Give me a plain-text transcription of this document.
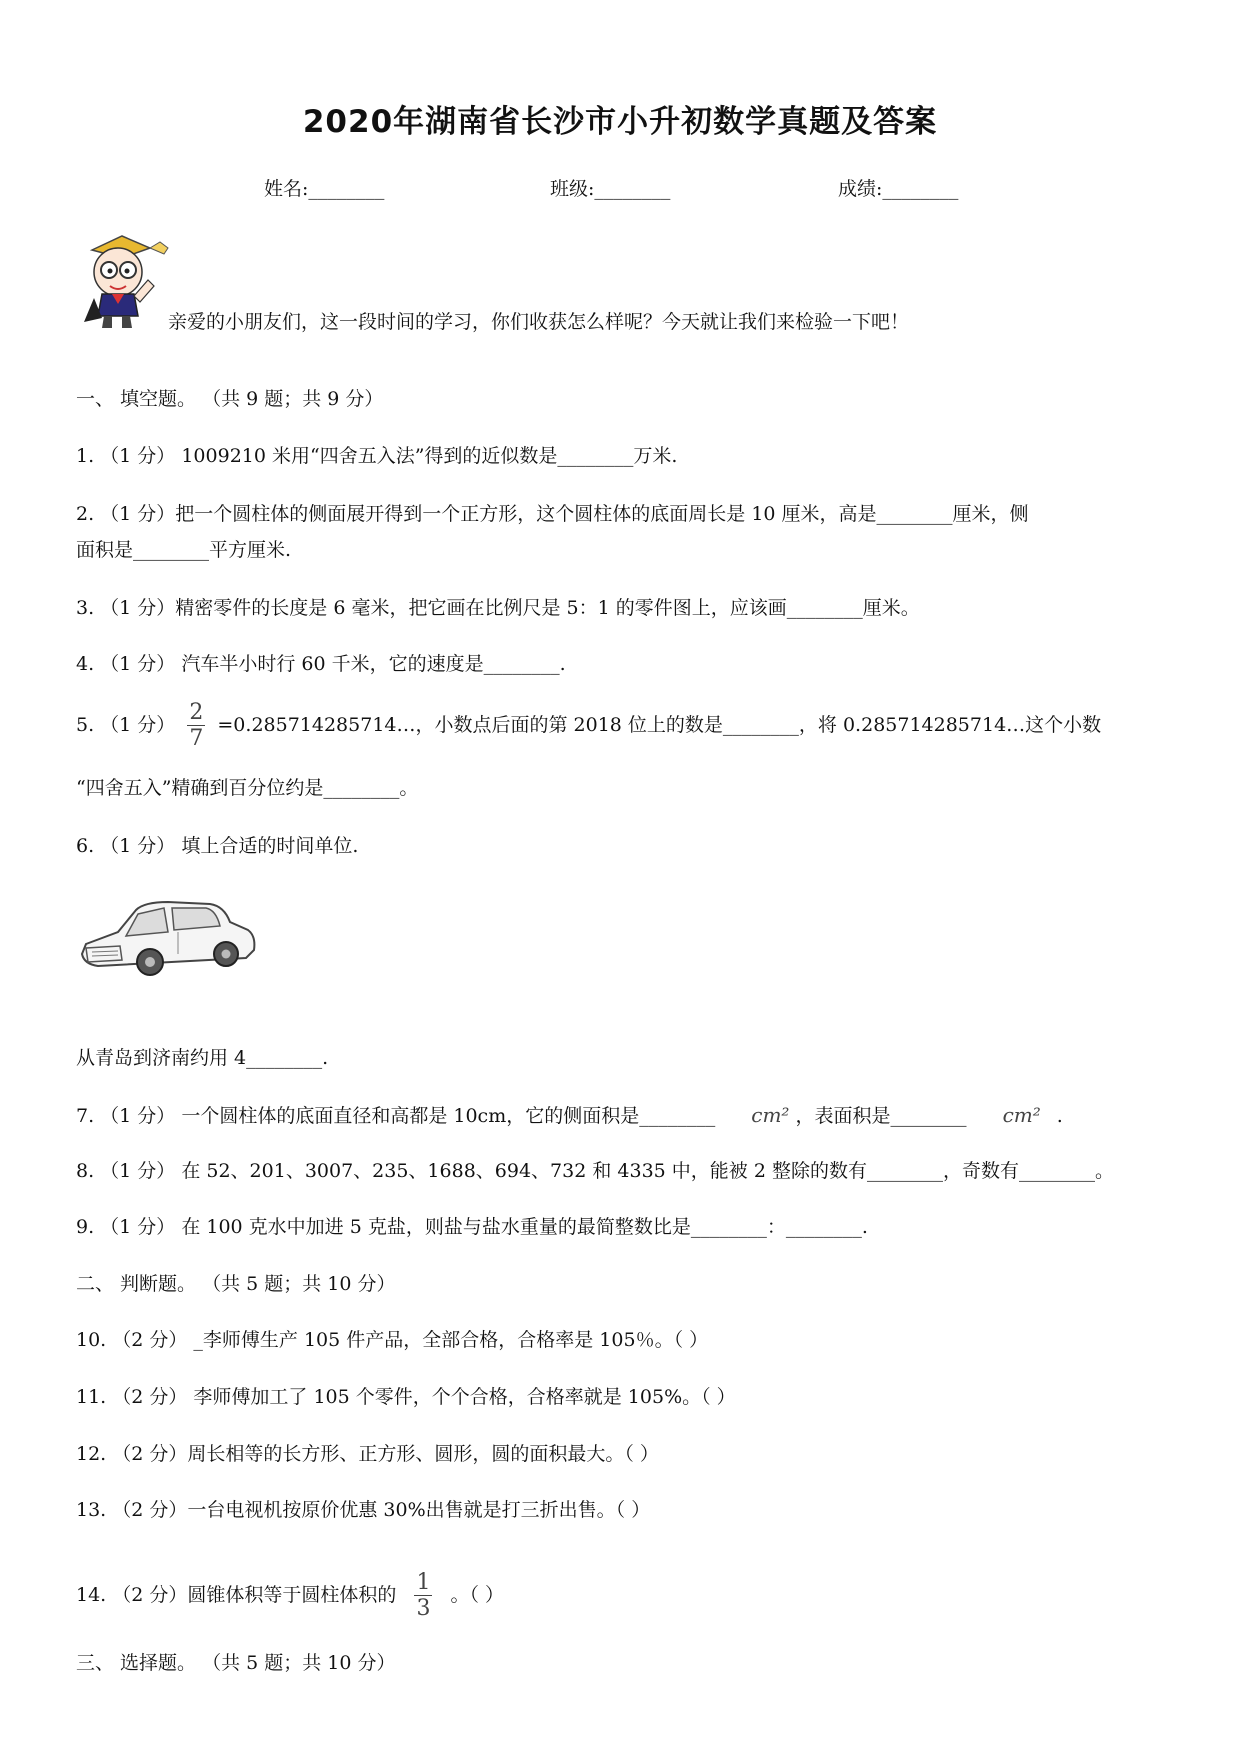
2020年湖南省长沙市小升初数学真题及答案
姓名:________	班级:________	成绩:________
亲爱的小朋友们，这一段时间的学习，你们收获怎么样呢？今天就让我们来检验一下吧！
一、 填空题。 （共 9 题；共 9 分）
1. （1 分） 1009210 米用“四舍五入法”得到的近似数是________万米.
2. （1 分）把一个圆柱体的侧面展开得到一个正方形，这个圆柱体的底面周长是 10 厘米，高是________厘米，侧
面积是________平方厘米.
3. （1 分）精密零件的长度是 6 毫米，把它画在比例尺是 5：1 的零件图上，应该画________厘米。
4. （1 分） 汽车半小时行 60 千米，它的速度是________.
5. （1 分） $\frac{2}{7}$ =0.285714285714…，小数点后面的第 2018 位上的数是________，将 0.285714285714…这个小数
“四舍五入”精确到百分位约是________。
6. （1 分） 填上合适的时间单位.
从青岛到济南约用 4________.
7. （1 分） 一个圆柱体的底面直径和高都是 10cm，它的侧面积是________ cm² ，表面积是________ cm² .
8. （1 分） 在 52、201、3007、235、1688、694、732 和 4335 中，能被 2 整除的数有________，奇数有________。
9. （1 分） 在 100 克水中加进 5 克盐，则盐与盐水重量的最简整数比是________：________.
二、 判断题。 （共 5 题；共 10 分）
10. （2 分） _李师傅生产 105 件产品，全部合格，合格率是 105％。（ ）
11. （2 分） 李师傅加工了 105 个零件，个个合格，合格率就是 105%。（ ）
12. （2 分）周长相等的长方形、正方形、圆形，圆的面积最大。（ ）
13. （2 分）一台电视机按原价优惠 30%出售就是打三折出售。（ ）
14. （2 分）圆锥体积等于圆柱体积的 $\frac{1}{3}$ 。（ ）
三、 选择题。 （共 5 题；共 10 分）
